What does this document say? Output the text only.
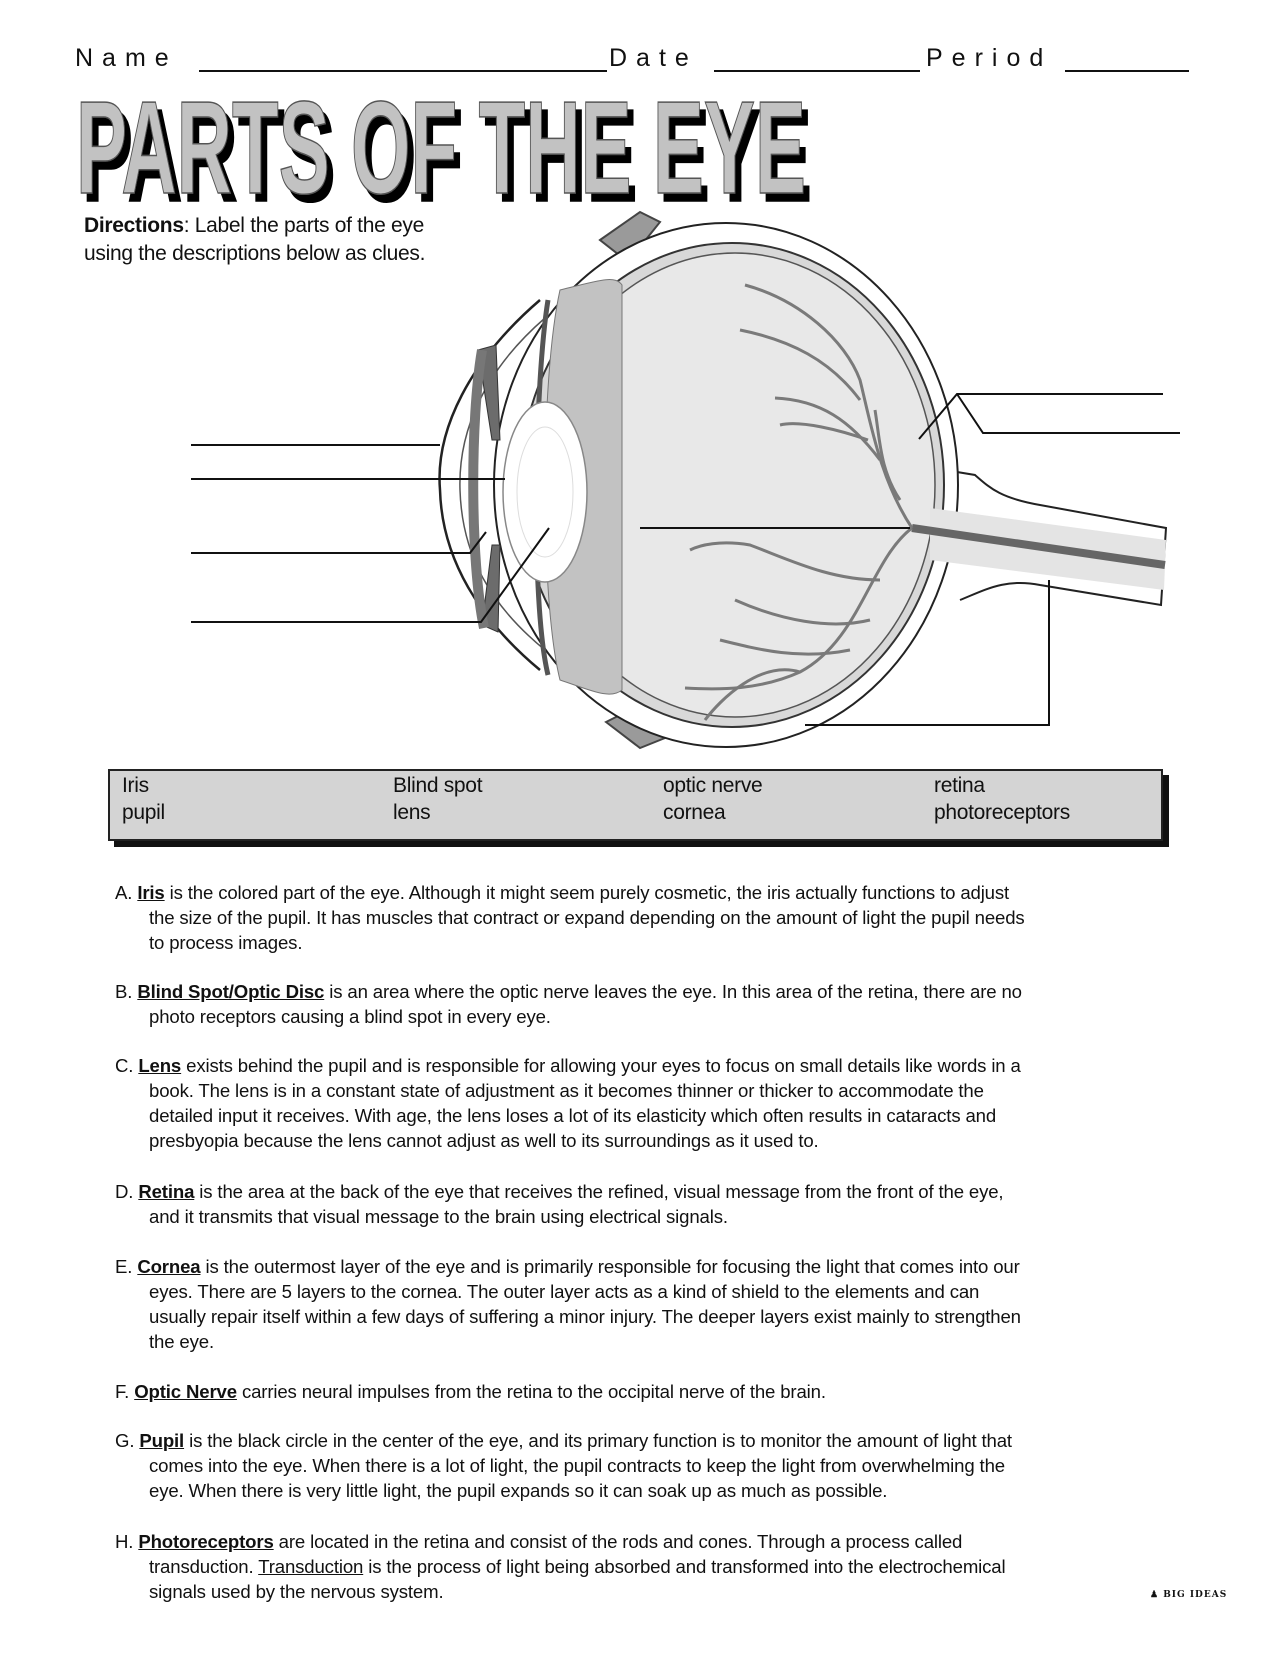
Name	Date	Period
PARTS OF THE EYE
Directions: Label the parts of the eye
using the descriptions below as clues.
Iris	Blind spot	optic nerve	retina
pupil	lens	cornea	photoreceptors
A. Iris is the colored part of the eye. Although it might seem purely cosmetic, the iris actually functions to adjust
the size of the pupil. It has muscles that contract or expand depending on the amount of light the pupil needs
to process images.
B. Blind Spot/Optic Disc is an area where the optic nerve leaves the eye. In this area of the retina, there are no
photo receptors causing a blind spot in every eye.
C. Lens exists behind the pupil and is responsible for allowing your eyes to focus on small details like words in a
book. The lens is in a constant state of adjustment as it becomes thinner or thicker to accommodate the
detailed input it receives. With age, the lens loses a lot of its elasticity which often results in cataracts and
presbyopia because the lens cannot adjust as well to its surroundings as it used to.
D. Retina is the area at the back of the eye that receives the refined, visual message from the front of the eye,
and it transmits that visual message to the brain using electrical signals.
E. Cornea is the outermost layer of the eye and is primarily responsible for focusing the light that comes into our
eyes. There are 5 layers to the cornea. The outer layer acts as a kind of shield to the elements and can
usually repair itself within a few days of suffering a minor injury. The deeper layers exist mainly to strengthen
the eye.
F. Optic Nerve carries neural impulses from the retina to the occipital nerve of the brain.
G. Pupil is the black circle in the center of the eye, and its primary function is to monitor the amount of light that
comes into the eye. When there is a lot of light, the pupil contracts to keep the light from overwhelming the
eye. When there is very little light, the pupil expands so it can soak up as much as possible.
H. Photoreceptors are located in the retina and consist of the rods and cones. Through a process called
transduction. Transduction is the process of light being absorbed and transformed into the electrochemical
signals used by the nervous system.	♟ BIG IDEAS
